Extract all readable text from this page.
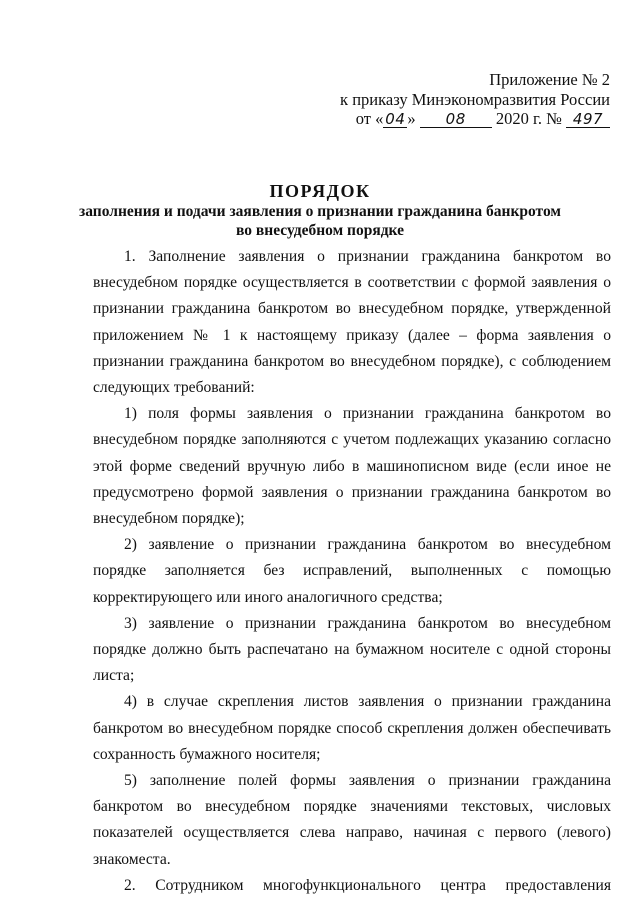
Приложение № 2
к приказу Минэкономразвития России
от « 04 » 08 2020 г. № 497
ПОРЯДОК
заполнения и подачи заявления о признании гражданина банкротом
во внесудебном порядке

1. Заполнение заявления о признании гражданина банкротом во внесудебном порядке осуществляется в соответствии с формой заявления о признании гражданина банкротом во внесудебном порядке, утвержденной приложением № 1 к настоящему приказу (далее – форма заявления о признании гражданина банкротом во внесудебном порядке), с соблюдением следующих требований:

1) поля формы заявления о признании гражданина банкротом во внесудебном порядке заполняются с учетом подлежащих указанию согласно этой форме сведений вручную либо в машинописном виде (если иное не предусмотрено формой заявления о признании гражданина банкротом во внесудебном порядке);

2) заявление о признании гражданина банкротом во внесудебном порядке заполняется без исправлений, выполненных с помощью корректирующего или иного аналогичного средства;

3) заявление о признании гражданина банкротом во внесудебном порядке должно быть распечатано на бумажном носителе с одной стороны листа;

4) в случае скрепления листов заявления о признании гражданина банкротом во внесудебном порядке способ скрепления должен обеспечивать сохранность бумажного носителя;

5) заполнение полей формы заявления о признании гражданина банкротом во внесудебном порядке значениями текстовых, числовых показателей осуществляется слева направо, начиная с первого (левого) знакоместа.

2. Сотрудником многофункционального центра предоставления
